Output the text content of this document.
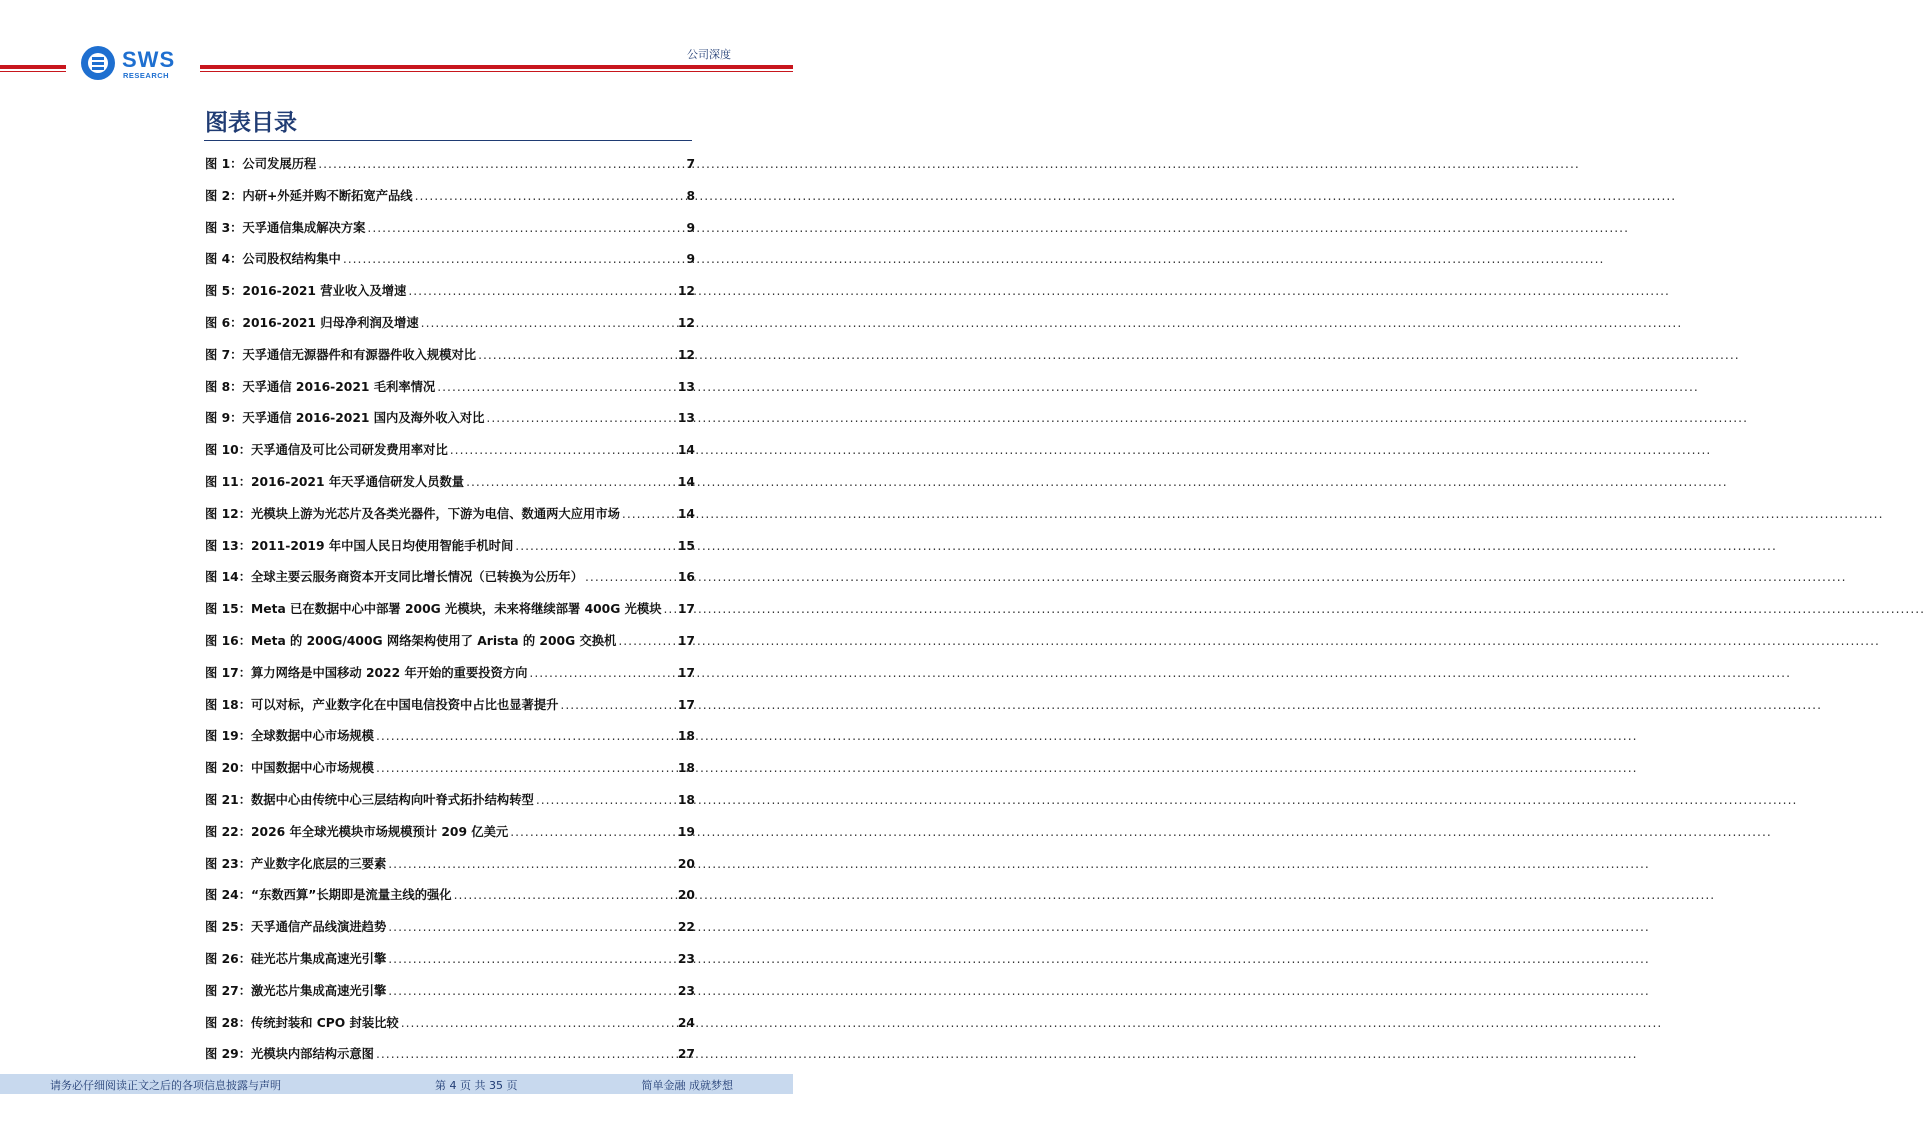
SWS
RESEARCH
公司深度
图表目录
图 1：公司发展历程 .....	7
图 2：内研+外延并购不断拓宽产品线 .....	8
图 3：天孚通信集成解决方案 .....	9
图 4：公司股权结构集中 .....	9
图 5：2016-2021 营业收入及增速 .....	12
图 6：2016-2021 归母净利润及增速 .....	12
图 7：天孚通信无源器件和有源器件收入规模对比 .....	12
图 8：天孚通信 2016-2021 毛利率情况 .....	13
图 9：天孚通信 2016-2021 国内及海外收入对比 .....	13
图 10：天孚通信及可比公司研发费用率对比 .....	14
图 11：2016-2021 年天孚通信研发人员数量 .....	14
图 12：光模块上游为光芯片及各类光器件，下游为电信、数通两大应用市场 .....	14
图 13：2011-2019 年中国人民日均使用智能手机时间 .....	15
图 14：全球主要云服务商资本开支同比增长情况（已转换为公历年） .....	16
图 15：Meta 已在数据中心中部署 200G 光模块，未来将继续部署 400G 光模块 ..... 17
图 16：Meta 的 200G/400G 网络架构使用了 Arista 的 200G 交换机 .....	17
图 17：算力网络是中国移动 2022 年开始的重要投资方向 .....	17
图 18：可以对标，产业数字化在中国电信投资中占比也显著提升 .....	17
图 19：全球数据中心市场规模 .....	18
图 20：中国数据中心市场规模 .....	18
图 21：数据中心由传统中心三层结构向叶脊式拓扑结构转型 .....	18
图 22：2026 年全球光模块市场规模预计 209 亿美元 .....	19
图 23：产业数字化底层的三要素 .....	20
图 24：“东数西算”长期即是流量主线的强化 .....	20
图 25：天孚通信产品线演进趋势 .....	22
图 26：硅光芯片集成高速光引擎 .....	23
图 27：激光芯片集成高速光引擎 .....	23
图 28：传统封装和 CPO 封装比较 .....	24
图 29：光模块内部结构示意图 .....	27
请务必仔细阅读正文之后的各项信息披露与声明	第 4 页 共 35 页	简单金融 成就梦想
